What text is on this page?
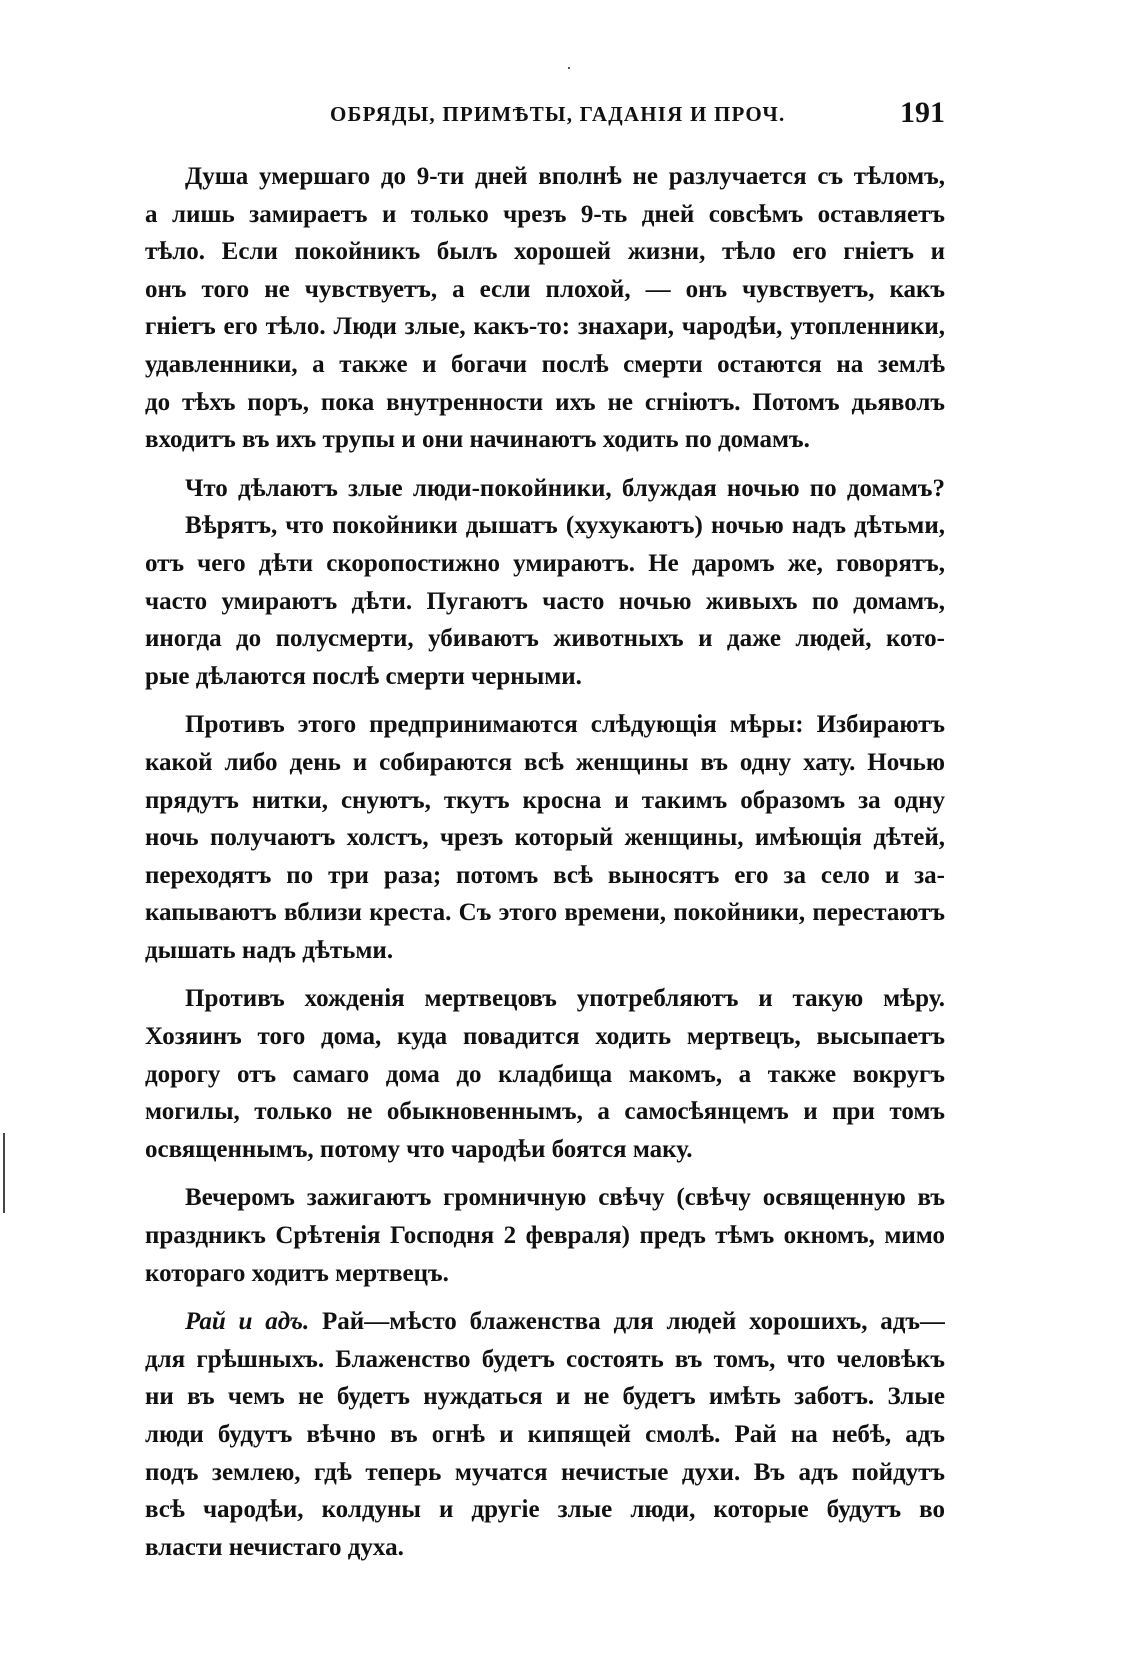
ОБРЯДЫ, ПРИМѢТЫ, ГАДАНІЯ И ПРОЧ.	191

Душа умершаго до 9-ти дней вполнѣ не разлучается съ тѣломъ,
а лишь замираетъ и только чрезъ 9-ть дней совсѣмъ оставляетъ
тѣло. Если покойникъ былъ хорошей жизни, тѣло его гніетъ и
онъ того не чувствуетъ, а если плохой, — онъ чувствуетъ, какъ
гніетъ его тѣло. Люди злые, какъ-то: знахари, чародѣи, утопленники,
удавленники, а также и богачи послѣ смерти остаются на землѣ
до тѣхъ поръ, пока внутренности ихъ не сгніютъ. Потомъ дьяволъ
входитъ въ ихъ трупы и они начинаютъ ходить по домамъ.

Что дѣлаютъ злые люди-покойники, блуждая ночью по домамъ?

Вѣрятъ, что покойники дышатъ (хухукаютъ) ночью надъ дѣтьми,
отъ чего дѣти скоропостижно умираютъ. Не даромъ же, говорятъ,
часто умираютъ дѣти. Пугаютъ часто ночью живыхъ по домамъ,
иногда до полусмерти, убиваютъ животныхъ и даже людей, кото-
рые дѣлаются послѣ смерти черными.

Противъ этого предпринимаются слѣдующія мѣры: Избираютъ
какой либо день и собираются всѣ женщины въ одну хату. Ночью
прядутъ нитки, снуютъ, ткутъ кросна и такимъ образомъ за одну
ночь получаютъ холстъ, чрезъ который женщины, имѣющія дѣтей,
переходятъ по три раза; потомъ всѣ выносятъ его за село и за-
капываютъ вблизи креста. Съ этого времени, покойники, перестаютъ
дышать надъ дѣтьми.

Противъ хожденія мертвецовъ употребляютъ и такую мѣру.
Хозяинъ того дома, куда повадится ходить мертвецъ, высыпаетъ
дорогу отъ самаго дома до кладбища макомъ, а также вокругъ
могилы, только не обыкновеннымъ, а самосѣянцемъ и при томъ
освященнымъ, потому что чародѣи боятся маку.

Вечеромъ зажигаютъ громничную свѣчу (свѣчу освященную въ
праздникъ Срѣтенія Господня 2 февраля) предъ тѣмъ окномъ, мимо
котораго ходитъ мертвецъ.

Рай и адъ. Рай—мѣсто блаженства для людей хорошихъ, адъ—
для грѣшныхъ. Блаженство будетъ состоять въ томъ, что человѣкъ
ни въ чемъ не будетъ нуждаться и не будетъ имѣть заботъ. Злые
люди будутъ вѣчно въ огнѣ и кипящей смолѣ. Рай на небѣ, адъ
подъ землею, гдѣ теперь мучатся нечистые духи. Въ адъ пойдутъ
всѣ чародѣи, колдуны и другіе злые люди, которые будутъ во
власти нечистаго духа.
